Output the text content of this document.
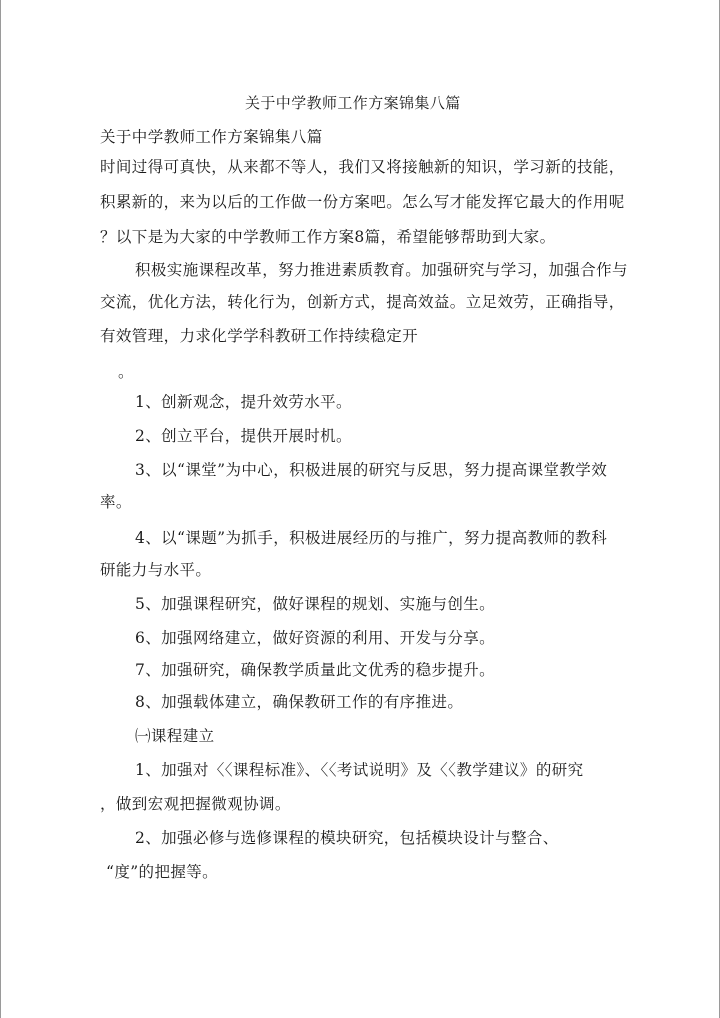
关于中学教师工作方案锦集八篇
关于中学教师工作方案锦集八篇
时间过得可真快，从来都不等人，我们又将接触新的知识，学习新的技能，
积累新的，来为以后的工作做一份方案吧。怎么写才能发挥它最大的作用呢
？以下是为大家的中学教师工作方案8篇，希望能够帮助到大家。
积极实施课程改革，努力推进素质教育。加强研究与学习，加强合作与
交流，优化方法，转化行为，创新方式，提高效益。立足效劳，正确指导，
有效管理，力求化学学科教研工作持续稳定开
。
1、创新观念，提升效劳水平。
2、创立平台，提供开展时机。
3、以“课堂”为中心，积极进展的研究与反思，努力提高课堂教学效
率。
4、以“课题”为抓手，积极进展经历的与推广，努力提高教师的教科
研能力与水平。
5、加强课程研究，做好课程的规划、实施与创生。
6、加强网络建立，做好资源的利用、开发与分享。
7、加强研究，确保教学质量此文优秀的稳步提升。
8、加强载体建立，确保教研工作的有序推进。
㈠课程建立
1、加强对〈〈课程标准》、〈〈考试说明》及〈〈教学建议》的研究
，做到宏观把握微观协调。
2、加强必修与选修课程的模块研究，包括模块设计与整合、
“度”的把握等。
